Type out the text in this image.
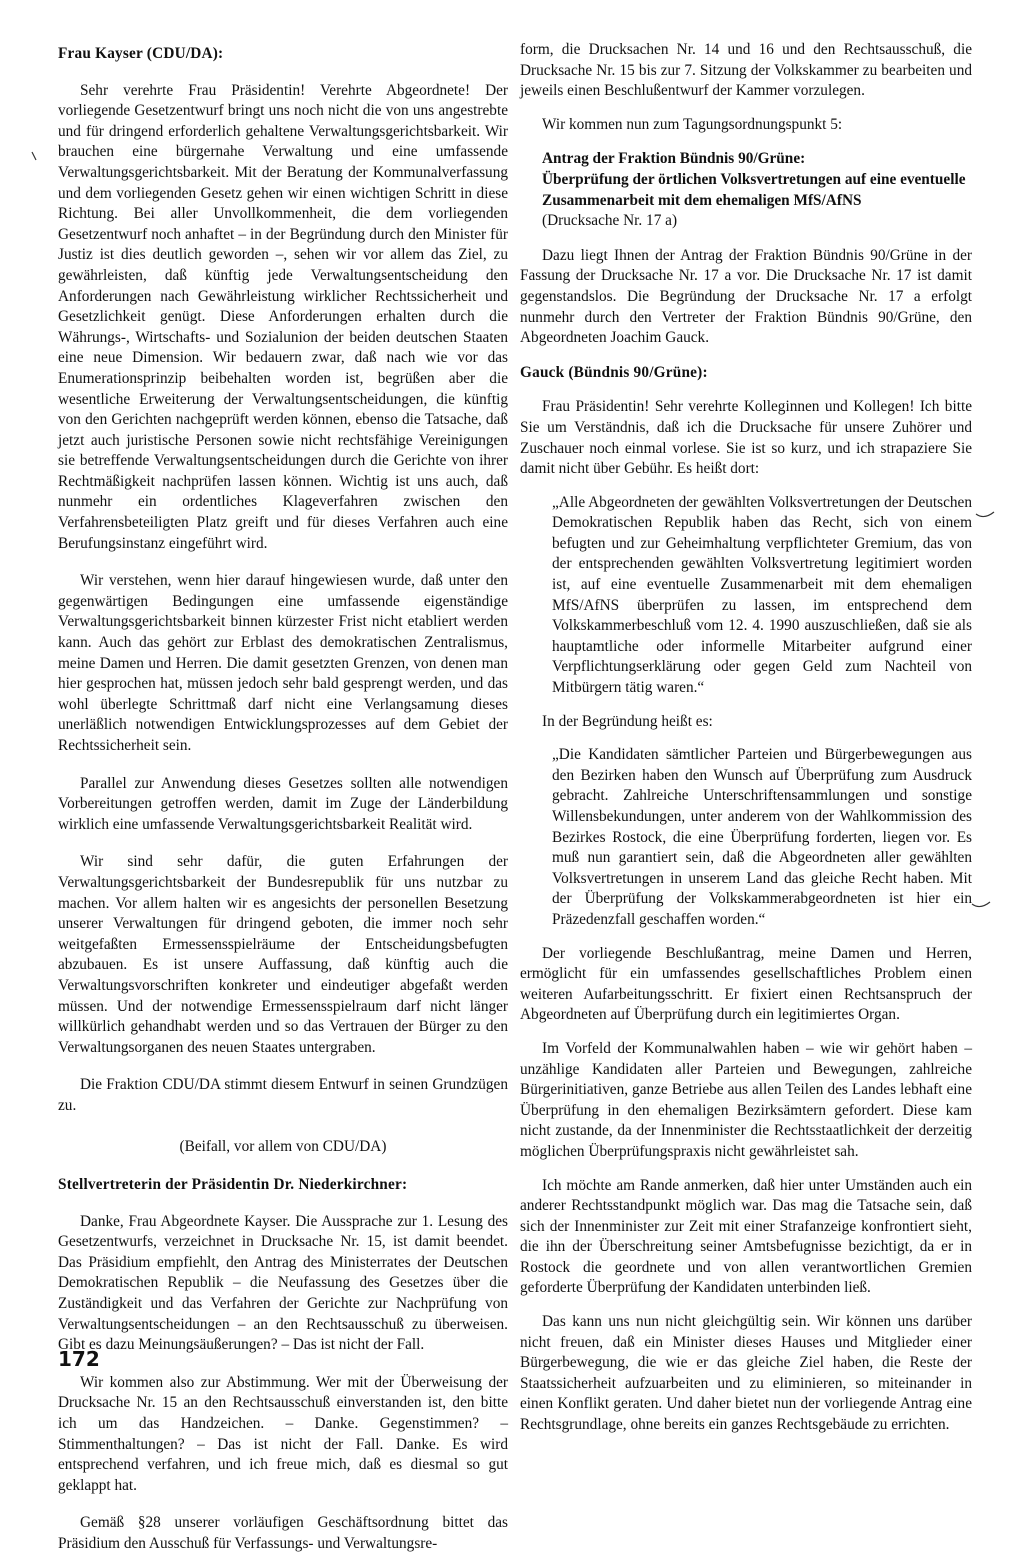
Frau Kayser (CDU/DA):

Sehr verehrte Frau Präsidentin! Verehrte Abgeordnete! Der vorliegende Gesetzentwurf bringt uns noch nicht die von uns angestrebte und für dringend erforderlich gehaltene Verwaltungsgerichtsbarkeit. Wir brauchen eine bürgernahe Verwaltung und eine umfassende Verwaltungsgerichtsbarkeit. Mit der Beratung der Kommunalverfassung und dem vorliegenden Gesetz gehen wir einen wichtigen Schritt in diese Richtung. Bei aller Unvollkommenheit, die dem vorliegenden Gesetzentwurf noch anhaftet – in der Begründung durch den Minister für Justiz ist dies deutlich geworden –, sehen wir vor allem das Ziel, zu gewährleisten, daß künftig jede Verwaltungsentscheidung den Anforderungen nach Gewährleistung wirklicher Rechtssicherheit und Gesetzlichkeit genügt. Diese Anforderungen erhalten durch die Währungs-, Wirtschafts- und Sozialunion der beiden deutschen Staaten eine neue Dimension. Wir bedauern zwar, daß nach wie vor das Enumerationsprinzip beibehalten worden ist, begrüßen aber die wesentliche Erweiterung der Verwaltungsentscheidungen, die künftig von den Gerichten nachgeprüft werden können, ebenso die Tatsache, daß jetzt auch juristische Personen sowie nicht rechtsfähige Vereinigungen sie betreffende Verwaltungsentscheidungen durch die Gerichte von ihrer Rechtmäßigkeit nachprüfen lassen können. Wichtig ist uns auch, daß nunmehr ein ordentliches Klageverfahren zwischen den Verfahrensbeteiligten Platz greift und für dieses Verfahren auch eine Berufungsinstanz eingeführt wird.

Wir verstehen, wenn hier darauf hingewiesen wurde, daß unter den gegenwärtigen Bedingungen eine umfassende eigenständige Verwaltungsgerichtsbarkeit binnen kürzester Frist nicht etabliert werden kann. Auch das gehört zur Erblast des demokratischen Zentralismus, meine Damen und Herren. Die damit gesetzten Grenzen, von denen man hier gesprochen hat, müssen jedoch sehr bald gesprengt werden, und das wohl überlegte Schrittmaß darf nicht eine Verlangsamung dieses unerläßlich notwendigen Entwicklungsprozesses auf dem Gebiet der Rechtssicherheit sein.

Parallel zur Anwendung dieses Gesetzes sollten alle notwendigen Vorbereitungen getroffen werden, damit im Zuge der Länderbildung wirklich eine umfassende Verwaltungsgerichtsbarkeit Realität wird.

Wir sind sehr dafür, die guten Erfahrungen der Verwaltungsgerichtsbarkeit der Bundesrepublik für uns nutzbar zu machen. Vor allem halten wir es angesichts der personellen Besetzung unserer Verwaltungen für dringend geboten, die immer noch sehr weitgefaßten Ermessensspielräume der Entscheidungsbefugten abzubauen. Es ist unsere Auffassung, daß künftig auch die Verwaltungsvorschriften konkreter und eindeutiger abgefaßt werden müssen. Und der notwendige Ermessensspielraum darf nicht länger willkürlich gehandhabt werden und so das Vertrauen der Bürger zu den Verwaltungsorganen des neuen Staates untergraben.

Die Fraktion CDU/DA stimmt diesem Entwurf in seinen Grundzügen zu.

(Beifall, vor allem von CDU/DA)

Stellvertreterin der Präsidentin Dr. Niederkirchner:

Danke, Frau Abgeordnete Kayser. Die Aussprache zur 1. Lesung des Gesetzentwurfs, verzeichnet in Drucksache Nr. 15, ist damit beendet. Das Präsidium empfiehlt, den Antrag des Ministerrates der Deutschen Demokratischen Republik – die Neufassung des Gesetzes über die Zuständigkeit und das Verfahren der Gerichte zur Nachprüfung von Verwaltungsentscheidungen – an den Rechtsausschuß zu überweisen. Gibt es dazu Meinungsäußerungen? – Das ist nicht der Fall.

Wir kommen also zur Abstimmung. Wer mit der Überweisung der Drucksache Nr. 15 an den Rechtsausschuß einverstanden ist, den bitte ich um das Handzeichen. – Danke. Gegenstimmen? – Stimmenthaltungen? – Das ist nicht der Fall. Danke. Es wird entsprechend verfahren, und ich freue mich, daß es diesmal so gut geklappt hat.

Gemäß §28 unserer vorläufigen Geschäftsordnung bittet das Präsidium den Ausschuß für Verfassungs- und Verwaltungsre-

form, die Drucksachen Nr. 14 und 16 und den Rechtsausschuß, die Drucksache Nr. 15 bis zur 7. Sitzung der Volkskammer zu bearbeiten und jeweils einen Beschlußentwurf der Kammer vorzulegen.

Wir kommen nun zum Tagungsordnungspunkt 5:

Antrag der Fraktion Bündnis 90/Grüne:
Überprüfung der örtlichen Volksvertretungen auf eine eventuelle Zusammenarbeit mit dem ehemaligen MfS/AfNS
(Drucksache Nr. 17 a)

Dazu liegt Ihnen der Antrag der Fraktion Bündnis 90/Grüne in der Fassung der Drucksache Nr. 17 a vor. Die Drucksache Nr. 17 ist damit gegenstandslos. Die Begründung der Drucksache Nr. 17 a erfolgt nunmehr durch den Vertreter der Fraktion Bündnis 90/Grüne, den Abgeordneten Joachim Gauck.

Gauck (Bündnis 90/Grüne):

Frau Präsidentin! Sehr verehrte Kolleginnen und Kollegen! Ich bitte Sie um Verständnis, daß ich die Drucksache für unsere Zuhörer und Zuschauer noch einmal vorlese. Sie ist so kurz, und ich strapaziere Sie damit nicht über Gebühr. Es heißt dort:

„Alle Abgeordneten der gewählten Volksvertretungen der Deutschen Demokratischen Republik haben das Recht, sich von einem befugten und zur Geheimhaltung verpflichteter Gremium, das von der entsprechenden gewählten Volksvertretung legitimiert worden ist, auf eine eventuelle Zusammenarbeit mit dem ehemaligen MfS/AfNS überprüfen zu lassen, im entsprechend dem Volkskammerbeschluß vom 12. 4. 1990 auszuschließen, daß sie als hauptamtliche oder informelle Mitarbeiter aufgrund einer Verpflichtungserklärung oder gegen Geld zum Nachteil von Mitbürgern tätig waren.“

In der Begründung heißt es:

„Die Kandidaten sämtlicher Parteien und Bürgerbewegungen aus den Bezirken haben den Wunsch auf Überprüfung zum Ausdruck gebracht. Zahlreiche Unterschriftensammlungen und sonstige Willensbekundungen, unter anderem von der Wahlkommission des Bezirkes Rostock, die eine Überprüfung forderten, liegen vor. Es muß nun garantiert sein, daß die Abgeordneten aller gewählten Volksvertretungen in unserem Land das gleiche Recht haben. Mit der Überprüfung der Volkskammerabgeordneten ist hier ein Präzedenzfall geschaffen worden.“

Der vorliegende Beschlußantrag, meine Damen und Herren, ermöglicht für ein umfassendes gesellschaftliches Problem einen weiteren Aufarbeitungsschritt. Er fixiert einen Rechtsanspruch der Abgeordneten auf Überprüfung durch ein legitimiertes Organ.

Im Vorfeld der Kommunalwahlen haben – wie wir gehört haben – unzählige Kandidaten aller Parteien und Bewegungen, zahlreiche Bürgerinitiativen, ganze Betriebe aus allen Teilen des Landes lebhaft eine Überprüfung in den ehemaligen Bezirksämtern gefordert. Diese kam nicht zustande, da der Innenminister die Rechtsstaatlichkeit der derzeitig möglichen Überprüfungspraxis nicht gewährleistet sah.

Ich möchte am Rande anmerken, daß hier unter Umständen auch ein anderer Rechtsstandpunkt möglich war. Das mag die Tatsache sein, daß sich der Innenminister zur Zeit mit einer Strafanzeige konfrontiert sieht, die ihn der Überschreitung seiner Amtsbefugnisse bezichtigt, da er in Rostock die geordnete und von allen verantwortlichen Gremien geforderte Überprüfung der Kandidaten unterbinden ließ.

Das kann uns nun nicht gleichgültig sein. Wir können uns darüber nicht freuen, daß ein Minister dieses Hauses und Mitglieder einer Bürgerbewegung, die wie er das gleiche Ziel haben, die Reste der Staatssicherheit aufzuarbeiten und zu eliminieren, so miteinander in einen Konflikt geraten. Und daher bietet nun der vorliegende Antrag eine Rechtsgrundlage, ohne bereits ein ganzes Rechtsgebäude zu errichten.

172
